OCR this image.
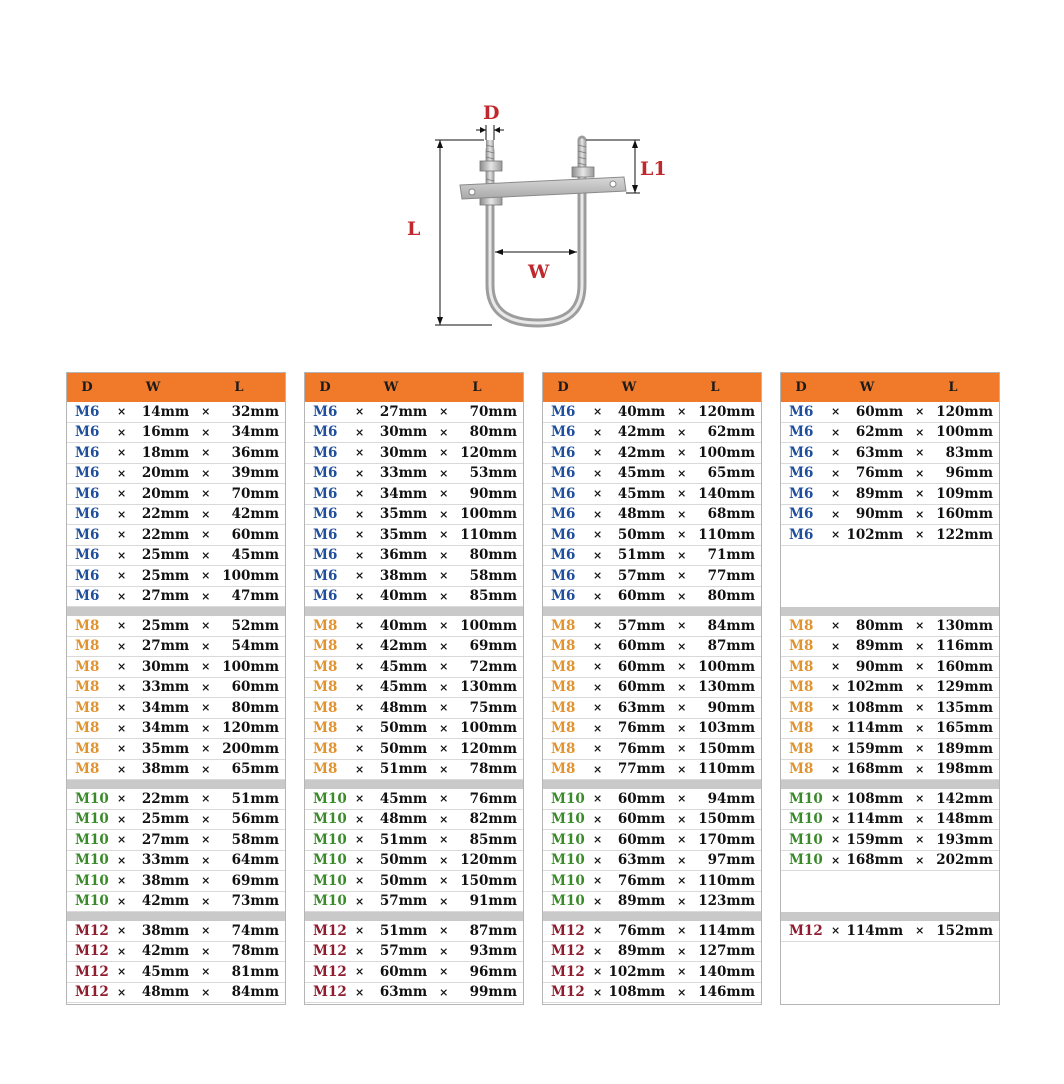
D
L1
L
W
D	W	L
M6	×	14mm	×	32mm
M6	×	16mm	×	34mm
M6	×	18mm	×	36mm
M6	×	20mm	×	39mm
M6	×	20mm	×	70mm
M6	×	22mm	×	42mm
M6	×	22mm	×	60mm
M6	×	25mm	×	45mm
M6	×	25mm	× 100mm
M6	×	27mm	×	47mm
M8	×	25mm	×	52mm
M8	×	27mm	×	54mm
M8	×	30mm	× 100mm
M8	×	33mm	×	60mm
M8	×	34mm	×	80mm
M8	×	34mm	× 120mm
M8	×	35mm	× 200mm
M8	×	38mm	×	65mm
M10 ×	22mm	×	51mm
M10 ×	25mm	×	56mm
M10 ×	27mm	×	58mm
M10 ×	33mm	×	64mm
M10 ×	38mm	×	69mm
M10 ×	42mm	×	73mm
M12 ×	38mm	×	74mm
M12 ×	42mm	×	78mm
M12 ×	45mm	×	81mm
M12 ×	48mm	×	84mm
D	W	L
M6	×	27mm	×	70mm
M6	×	30mm	×	80mm
M6	×	30mm	× 120mm
M6	×	33mm	×	53mm
M6	×	34mm	×	90mm
M6	×	35mm	× 100mm
M6	×	35mm	× 110mm
M6	×	36mm	×	80mm
M6	×	38mm	×	58mm
M6	×	40mm	×	85mm
M8	×	40mm	× 100mm
M8	×	42mm	×	69mm
M8	×	45mm	×	72mm
M8	×	45mm	× 130mm
M8	×	48mm	×	75mm
M8	×	50mm	× 100mm
M8	×	50mm	× 120mm
M8	×	51mm	×	78mm
M10 ×	45mm	×	76mm
M10 ×	48mm	×	82mm
M10 ×	51mm	×	85mm
M10 ×	50mm	× 120mm
M10 ×	50mm	× 150mm
M10 ×	57mm	×	91mm
M12 ×	51mm	×	87mm
M12 ×	57mm	×	93mm
M12 ×	60mm	×	96mm
M12 ×	63mm	×	99mm
D	W	L
M6	×	40mm	× 120mm
M6	×	42mm	×	62mm
M6	×	42mm	× 100mm
M6	×	45mm	×	65mm
M6	×	45mm	× 140mm
M6	×	48mm	×	68mm
M6	×	50mm	× 110mm
M6	×	51mm	×	71mm
M6	×	57mm	×	77mm
M6	×	60mm	×	80mm
M8	×	57mm	×	84mm
M8	×	60mm	×	87mm
M8	×	60mm	× 100mm
M8	×	60mm	× 130mm
M8	×	63mm	×	90mm
M8	×	76mm	× 103mm
M8	×	76mm	× 150mm
M8	×	77mm	× 110mm
M10 ×	60mm	×	94mm
M10 ×	60mm	× 150mm
M10 ×	60mm	× 170mm
M10 ×	63mm	×	97mm
M10 ×	76mm	× 110mm
M10 ×	89mm	× 123mm
M12 ×	76mm	× 114mm
M12 ×	89mm	× 127mm
M12 × 102mm	× 140mm
M12 × 108mm	× 146mm
D	W	L
M6	×	60mm	× 120mm
M6	×	62mm	× 100mm
M6	×	63mm	×	83mm
M6	×	76mm	×	96mm
M6	×	89mm	× 109mm
M6	×	90mm	× 160mm
M6	× 102mm	× 122mm
M8	×	80mm	× 130mm
M8	×	89mm	× 116mm
M8	×	90mm	× 160mm
M8	× 102mm	× 129mm
M8	× 108mm	× 135mm
M8	× 114mm	× 165mm
M8	× 159mm	× 189mm
M8	× 168mm	× 198mm
M10 × 108mm	× 142mm
M10 × 114mm	× 148mm
M10 × 159mm	× 193mm
M10 × 168mm	× 202mm
M12 × 114mm	× 152mm
